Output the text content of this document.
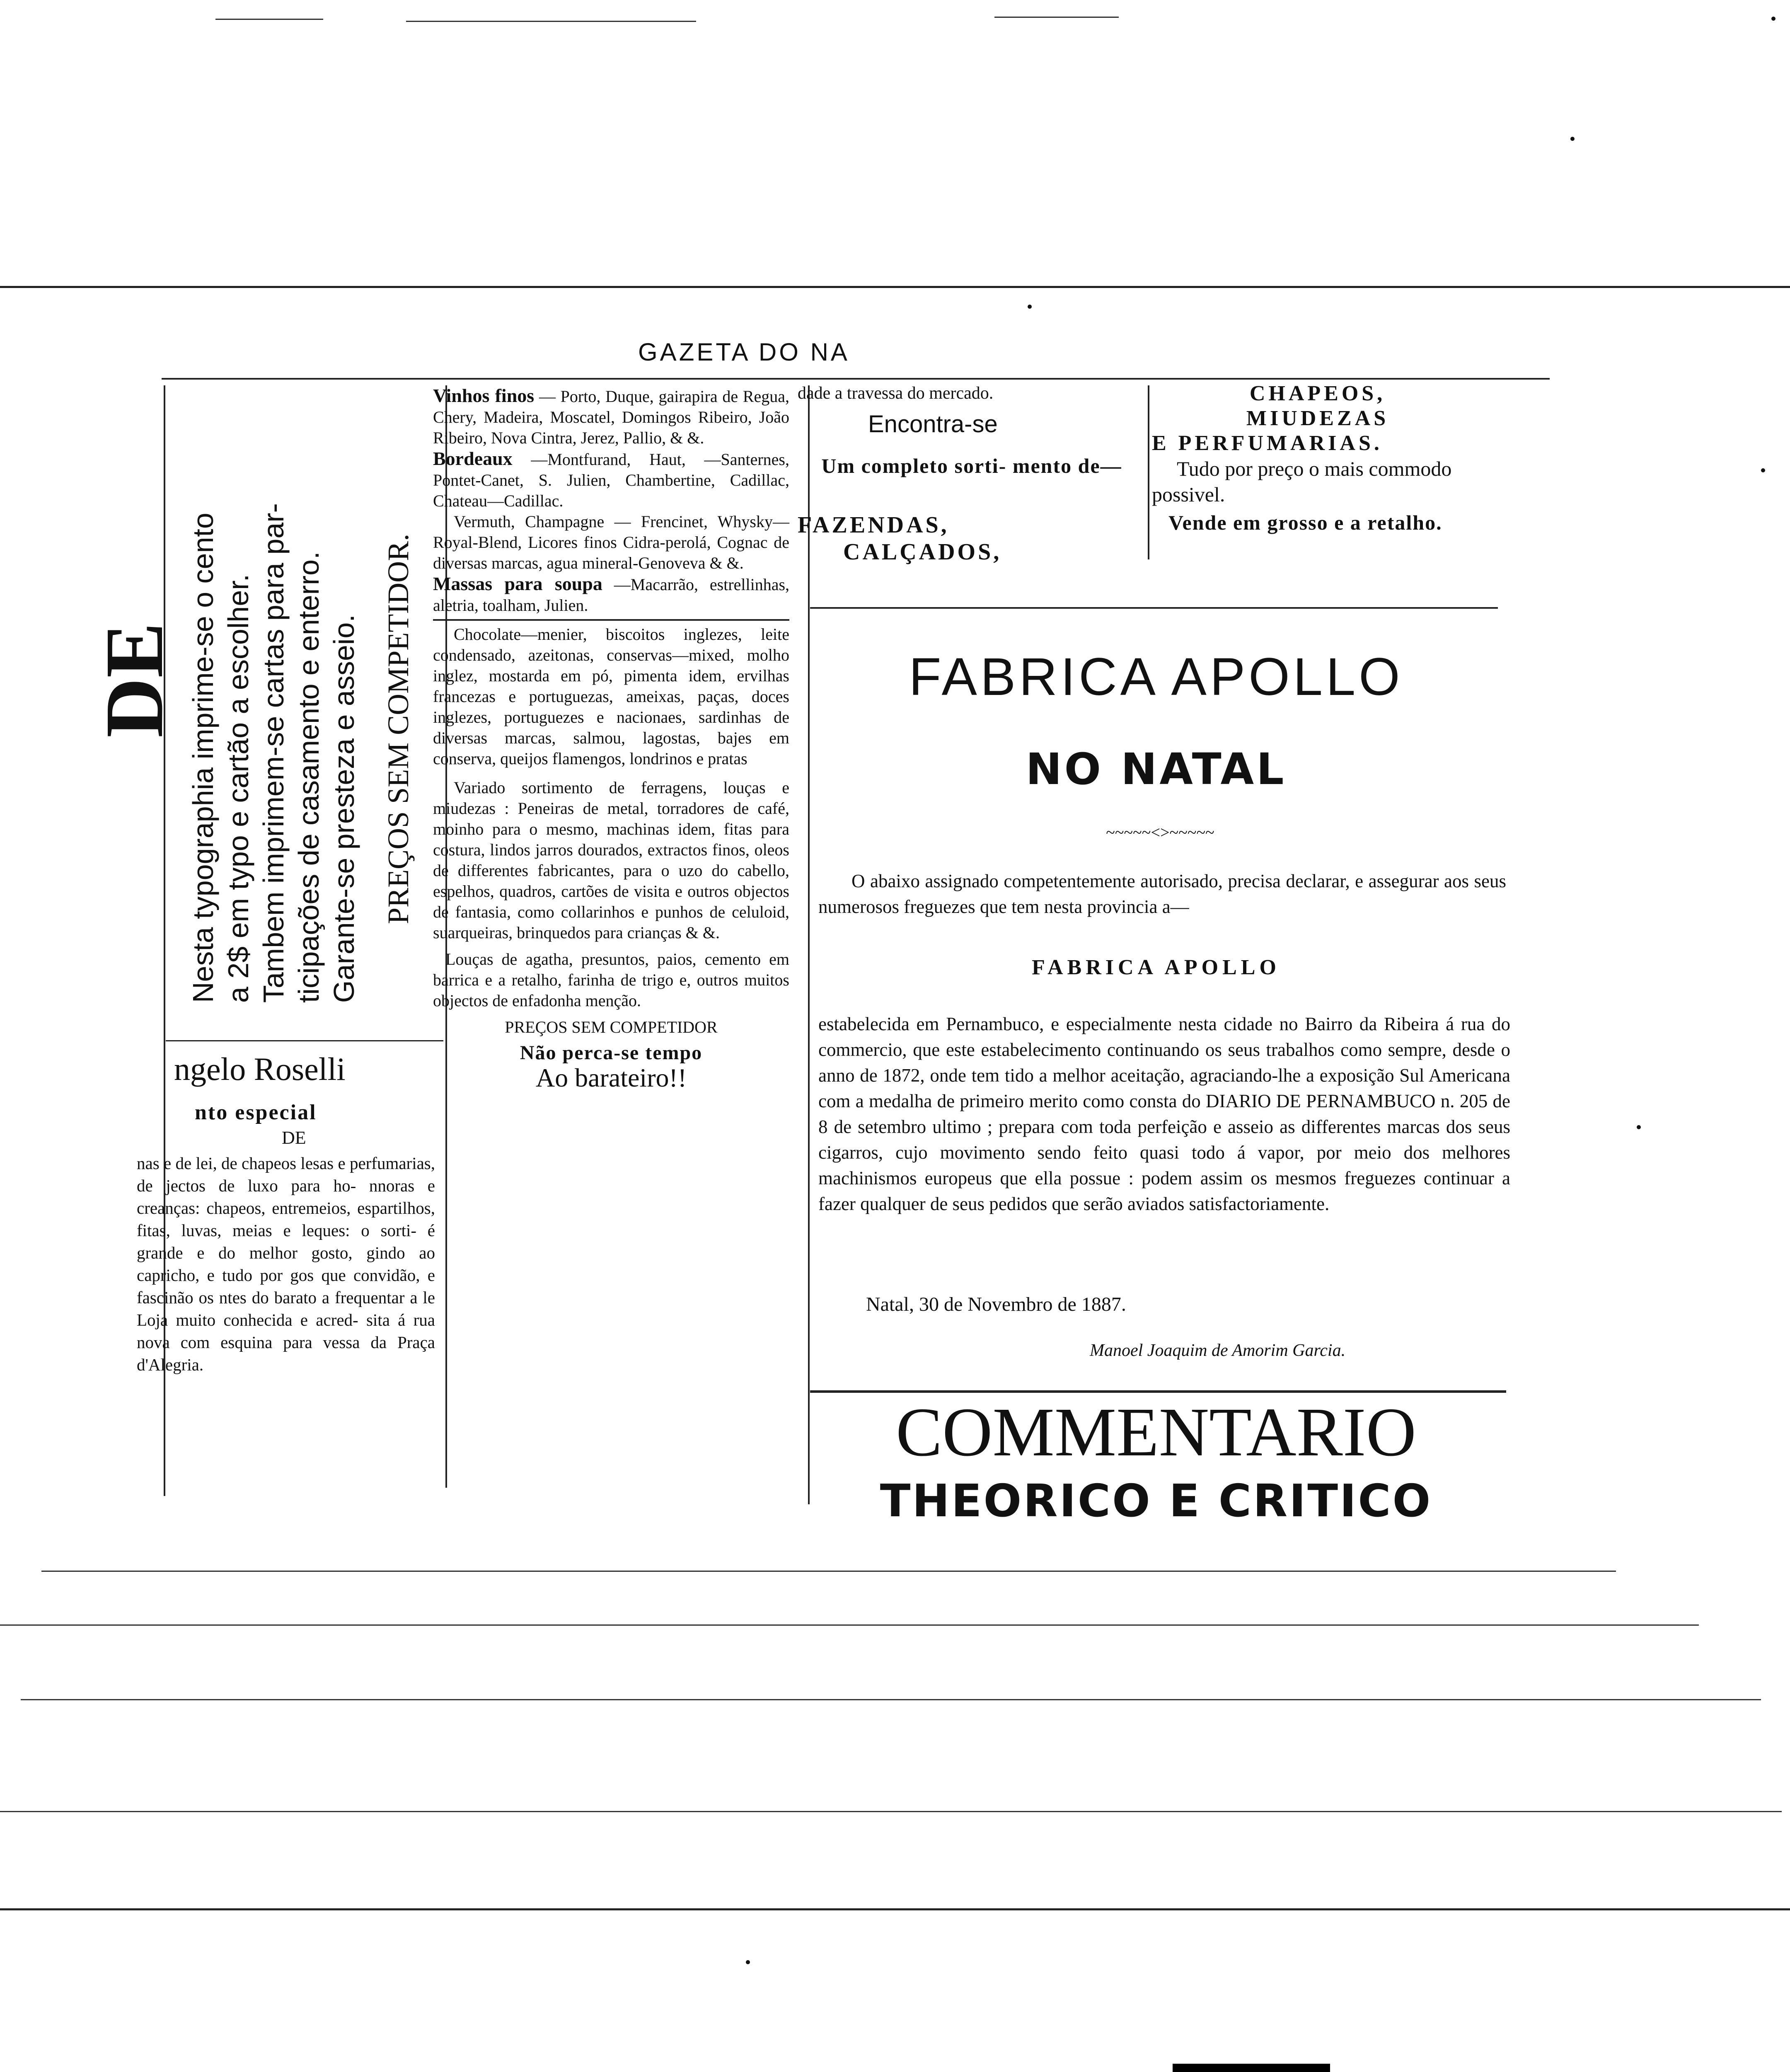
GAZETA DO NA
DE Nesta typographia imprime-se o cento a 2$ em typo e cartão a escolher. Tambem imprimem-se cartas para par- ticipações de casamento e enterro. Garante-se presteza e asseio. PREÇOS SEM COMPETIDOR.
ngelo Roselli
nto especial
DE

nas e de lei, de chapeos lesas e perfumarias, de jectos de luxo para ho- nnoras e creanças: chapeos, entremeios, espartilhos, fitas, luvas, meias e leques: o sorti- é grande e do melhor gosto, gindo ao capricho, e tudo por gos que convidão, e fascinão os ntes do barato a frequentar a le Loja muito conhecida e acred- sita á rua nova com esquina para vessa da Praça d'Alegria.

Vinhos finos — Porto, Duque, gairapira de Regua, Chery, Madeira, Moscatel, Domingos Ribeiro, João Ribeiro, Nova Cintra, Jerez, Pallio, & &.

Bordeaux —Montfurand, Haut, —Santernes, Pontet-Canet, S. Julien, Chambertine, Cadillac, Chateau—Cadillac.

Vermuth, Champagne — Frencinet, Whysky—Royal-Blend, Licores finos Cidra-perolá, Cognac de diversas marcas, agua mineral-Genoveva & &.

Massas para soupa —Macarrão, estrellinhas, aletria, toalham, Julien.

Chocolate—menier, biscoitos inglezes, leite condensado, azeitonas, conservas—mixed, molho inglez, mostarda em pó, pimenta idem, ervilhas francezas e portuguezas, ameixas, paças, doces inglezes, portuguezes e nacionaes, sardinhas de diversas marcas, salmou, lagostas, bajes em conserva, queijos flamengos, londrinos e pratas

Variado sortimento de ferragens, louças e miudezas : Peneiras de metal, torradores de café, moinho para o mesmo, machinas idem, fitas para costura, lindos jarros dourados, extractos finos, oleos de differentes fabricantes, para o uzo do cabello, espelhos, quadros, cartões de visita e outros objectos de fantasia, como collarinhos e punhos de celuloid, suarqueiras, brinquedos para crianças & &.

Louças de agatha, presuntos, paios, cemento em barrica e a retalho, farinha de trigo e, outros muitos objectos de enfadonha menção.

PREÇOS SEM COMPETIDOR

Não perca-se tempo

Ao barateiro!!

dade a travessa do mercado.
Encontra-se
Um completo sorti- mento de—
FAZENDAS,
CALÇADOS,
CHAPEOS,
MIUDEZAS
E PERFUMARIAS.
Tudo por preço o mais commodo possivel.
Vende em grosso e a retalho.
FABRICA APOLLO
NO NATAL
~~~~~<>~~~~~

O abaixo assignado competentemente autorisado, precisa declarar, e assegurar aos seus numerosos freguezes que tem nesta provincia a—

FABRICA APOLLO

estabelecida em Pernambuco, e especialmente nesta cidade no Bairro da Ribeira á rua do commercio, que este estabelecimento continuando os seus trabalhos como sempre, desde o anno de 1872, onde tem tido a melhor aceitação, agraciando-lhe a exposição Sul Americana com a medalha de primeiro merito como consta do DIARIO DE PERNAMBUCO n. 205 de 8 de setembro ultimo ; prepara com toda perfeição e asseio as differentes marcas dos seus cigarros, cujo movimento sendo feito quasi todo á vapor, por meio dos melhores machinismos europeus que ella possue : podem assim os mesmos freguezes continuar a fazer qualquer de seus pedidos que serão aviados satisfactoriamente.

Natal, 30 de Novembro de 1887.
Manoel Joaquim de Amorim Garcia.
COMMENTARIO
THEORICO E CRITICO
